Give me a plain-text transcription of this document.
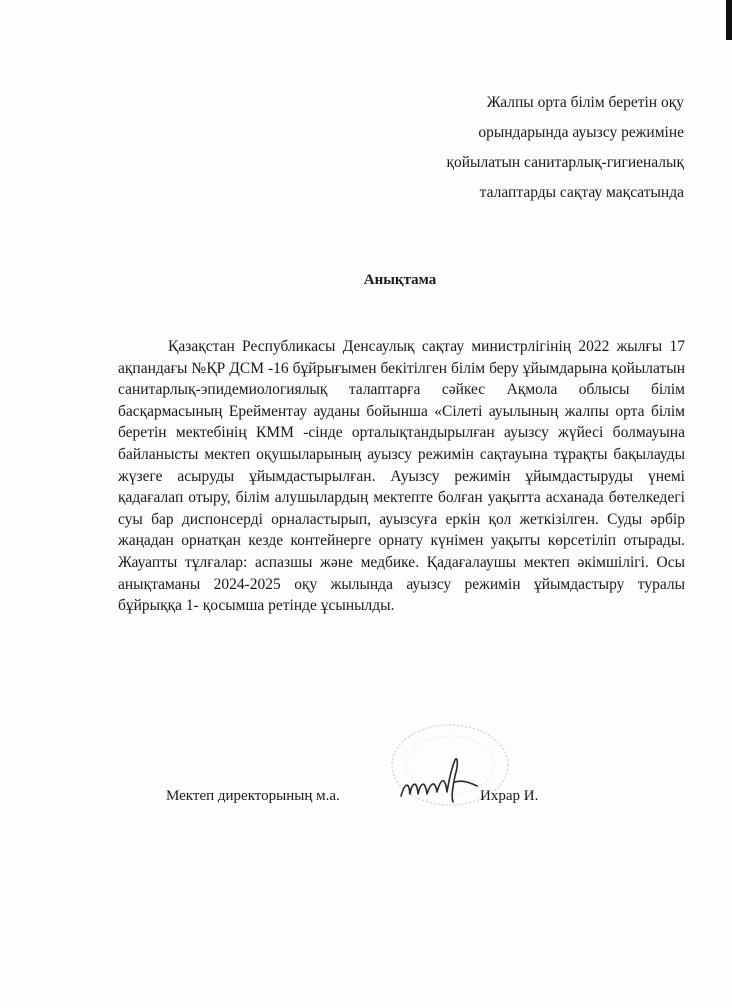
Жалпы орта білім беретін оқу
орындарында ауызсу режиміне
қойылатын санитарлық-гигиеналық
талаптарды сақтау мақсатында
Анықтама

Қазақстан Республикасы Денсаулық сақтау министрлігінің 2022 жылғы 17 ақпандағы №ҚР ДСМ -16 бұйрығымен бекітілген білім беру ұйымдарына қойылатын санитарлық-эпидемиологиялық талаптарға сәйкес Ақмола облысы білім басқармасының Ерейментау ауданы бойынша «Сілеті ауылының жалпы орта білім беретін мектебінің КММ -сінде орталықтандырылған ауызсу жүйесі болмауына байланысты мектеп оқушыларының ауызсу режимін сақтауына тұрақты бақылауды жүзеге асыруды ұйымдастырылған. Ауызсу режимін ұйымдастыруды үнемі қадағалап отыру, білім алушылардың мектепте болған уақытта асханада бөтелкедегі суы бар диспонсерді орналастырып, ауызсуға еркін қол жеткізілген. Суды әрбір жаңадан орнатқан кезде контейнерге орнату күнімен уақыты көрсетіліп отырады. Жауапты тұлғалар: аспазшы және медбике. Қадағалаушы мектеп әкімшілігі. Осы анықтаманы 2024-2025 оқу жылында ауызсу режимін ұйымдастыру туралы бұйрыққа 1- қосымша ретінде ұсынылды.

Мектеп директорының м.а.	Ихрар И.
